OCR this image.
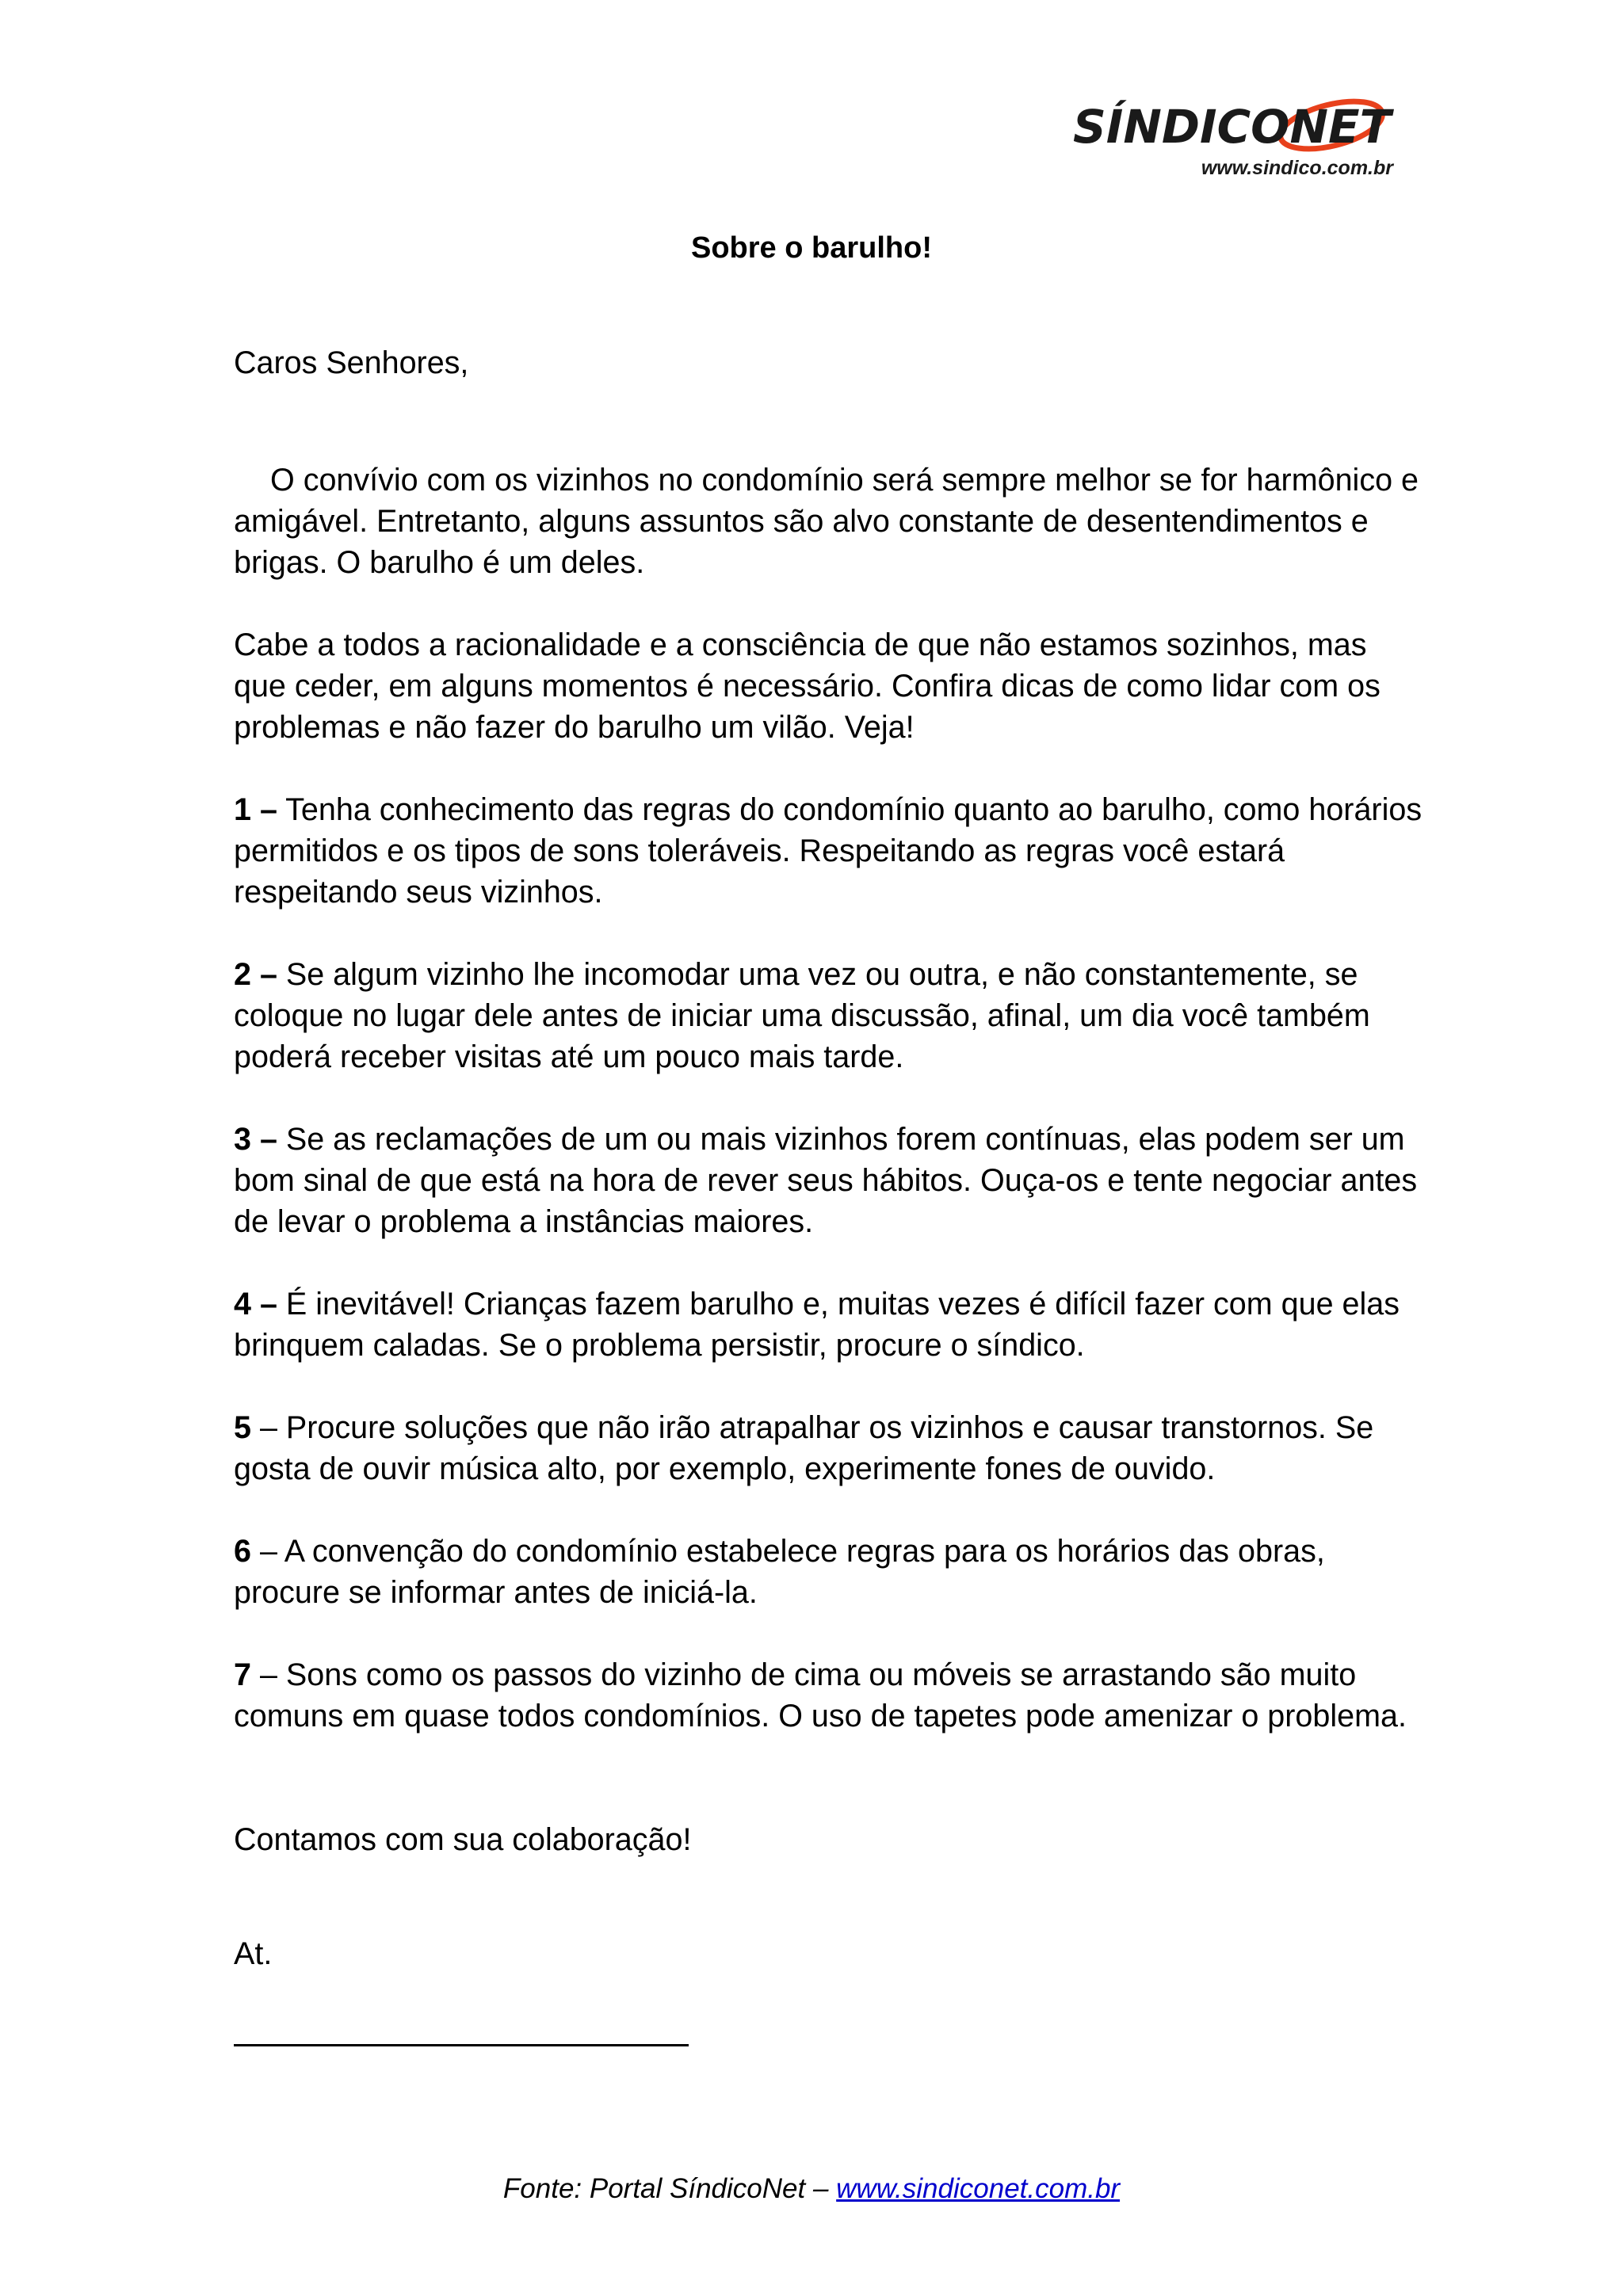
SÍNDICONET
www.sindico.com.br
Sobre o barulho!
Caros Senhores,

O convívio com os vizinhos no condomínio será sempre melhor se for harmônico e amigável. Entretanto, alguns assuntos são alvo constante de desentendimentos e brigas. O barulho é um deles.

Cabe a todos a racionalidade e a consciência de que não estamos sozinhos, mas que ceder, em alguns momentos é necessário. Confira dicas de como lidar com os problemas e não fazer do barulho um vilão. Veja!

1 – Tenha conhecimento das regras do condomínio quanto ao barulho, como horários permitidos e os tipos de sons toleráveis. Respeitando as regras você estará respeitando seus vizinhos.

2 – Se algum vizinho lhe incomodar uma vez ou outra, e não constantemente, se coloque no lugar dele antes de iniciar uma discussão, afinal, um dia você também poderá receber visitas até um pouco mais tarde.

3 – Se as reclamações de um ou mais vizinhos forem contínuas, elas podem ser um bom sinal de que está na hora de rever seus hábitos. Ouça-os e tente negociar antes de levar o problema a instâncias maiores.

4 – É inevitável! Crianças fazem barulho e, muitas vezes é difícil fazer com que elas brinquem caladas. Se o problema persistir, procure o síndico.

5 – Procure soluções que não irão atrapalhar os vizinhos e causar transtornos. Se gosta de ouvir música alto, por exemplo, experimente fones de ouvido.

6 – A convenção do condomínio estabelece regras para os horários das obras, procure se informar antes de iniciá-la.

7 – Sons como os passos do vizinho de cima ou móveis se arrastando são muito comuns em quase todos condomínios. O uso de tapetes pode amenizar o problema.

Contamos com sua colaboração!
At.
Fonte: Portal SíndicoNet – www.sindiconet.com.br
